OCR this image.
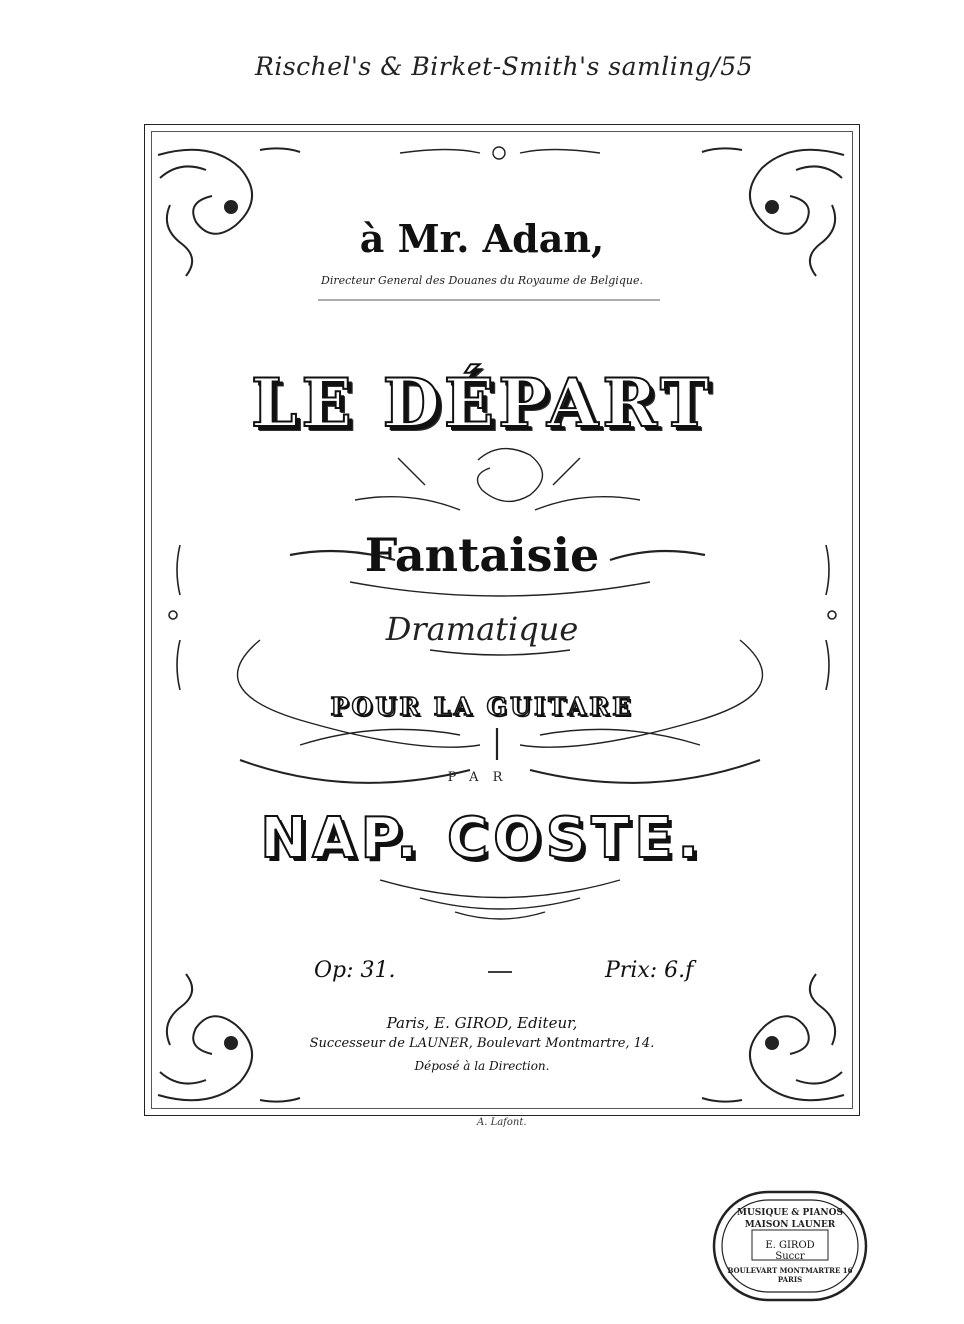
Rischel's & Birket-Smith's samling/55
à Mr. Adan,
Directeur General des Douanes du Royaume de Belgique.
LE DÉPART
Fantaisie
Dramatique
POUR LA GUITARE
PAR
NAP. COSTE.
Op: 31.	Prix: 6.f
Paris, E. GIROD, Editeur,
Successeur de LAUNER, Boulevart Montmartre, 14.
Déposé à la Direction.
A. Lafont.
MUSIQUE & PIANOS
MAISON LAUNER
E. GIROD Succr
BOULEVART MONTMARTRE 16 PARIS
